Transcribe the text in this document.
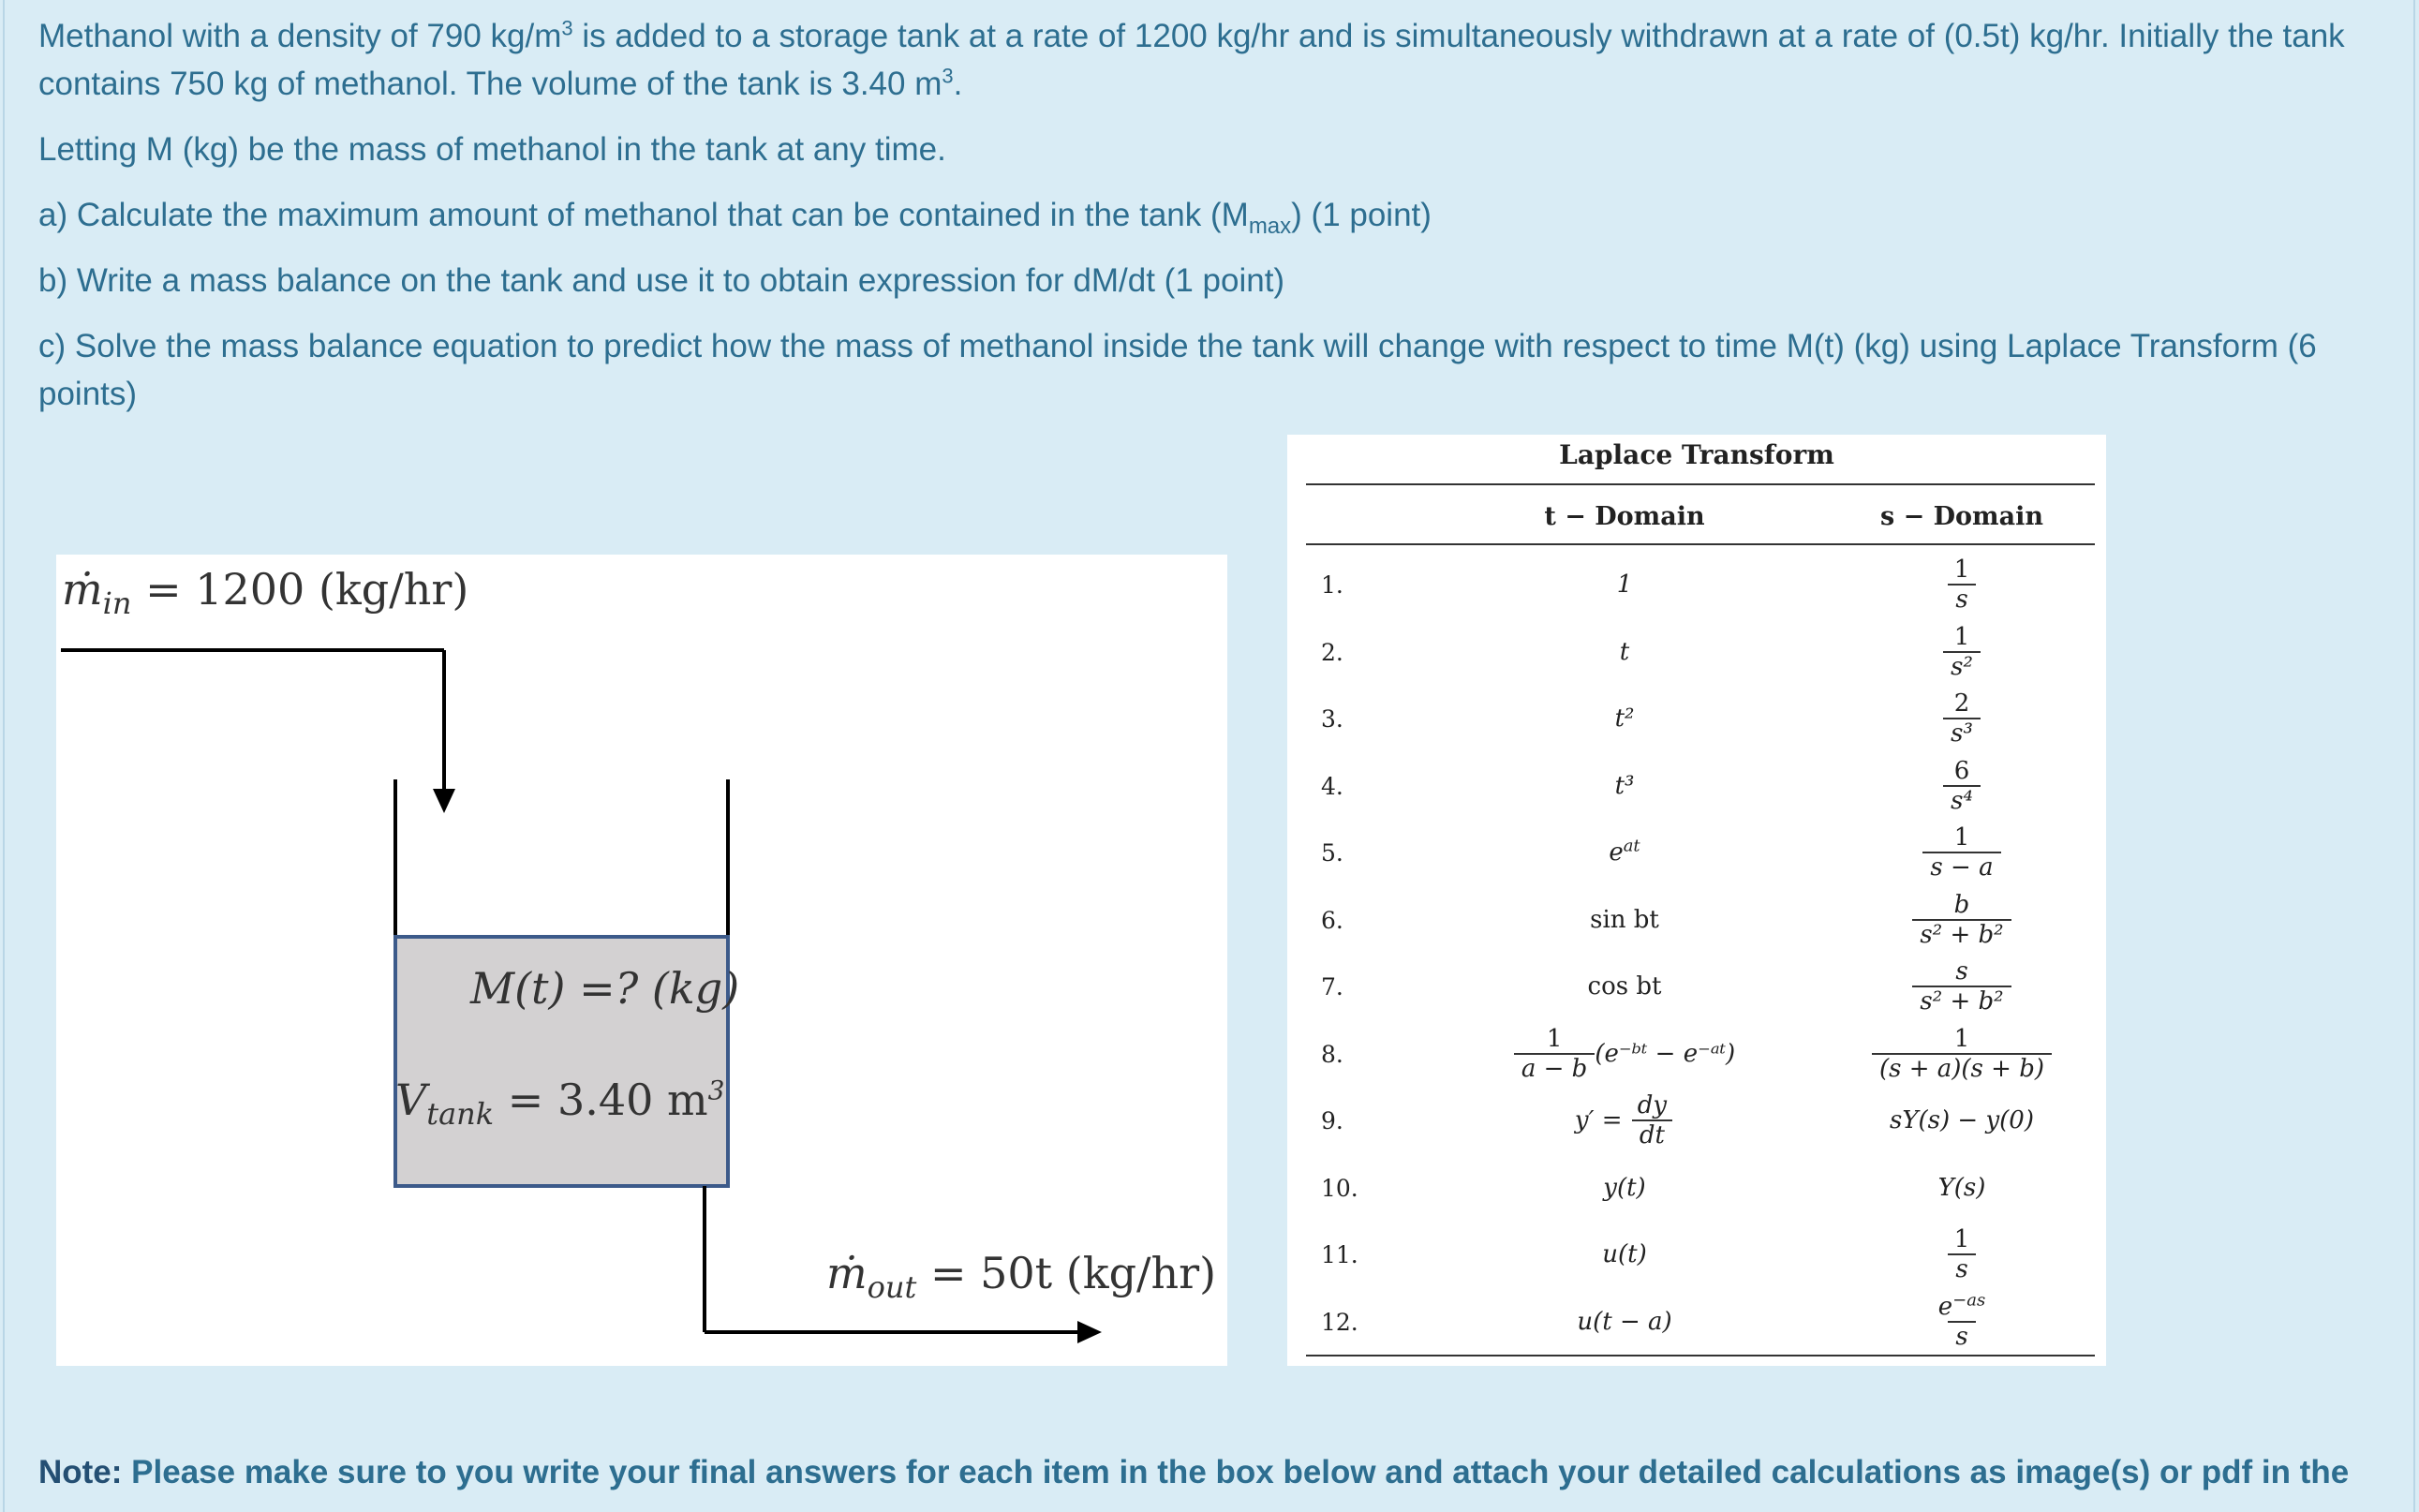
Methanol with a density of 790 $kg/m^3$ is added to a storage tank at a rate of 1200 kg/hr and is simultaneously withdrawn at a rate of (0.5t) kg/hr. Initially the tank

contains 750 kg of methanol. The volume of the tank is 3.40 $m^3$.

Letting M (kg) be the mass of methanol in the tank at any time.

a) Calculate the maximum amount of methanol that can be contained in the tank $(M_{max})$ (1 point)

b) Write a mass balance on the tank and use it to obtain expression for dM/dt (1 point)

c) Solve the mass balance equation to predict how the mass of methanol inside the tank will change with respect to time M(t) (kg) using Laplace Transform (6

points)

ṁ$_{in}$ = 1200 (kg/hr)
M(t) =? (kg)
$V_{tank} = 3.40$ $m^3$
ṁ$_{out}$ = 50t (kg/hr)
Laplace Transform
t − Domain	s − Domain
1.	1	$\frac{1}{s}$
2.	t	$\frac{1}{\text{s²}}$
3.	t²	$\frac{2}{\text{s³}}$
4.	t³	$\frac{6}{\text{s⁴}}$
5.	$e^{at}$	$\frac{1}{s - a}$
6.	sin bt	$\frac{b}{\text{s² + b²}}$
7.	cos bt	$\frac{s}{\text{s² + b²}}$
8.	$\frac{1}{a - b}$ (e⁻ᵇᵗ − e⁻ᵃᵗ)	$\frac{1}{(s + a)(s + b)}$
9.	$y' = \frac{dy}{dt}$	sY(s) − y(0)
10.	y(t)	Y(s)
11.	u(t)	$\frac{1}{s}$
12.	u(t − a)	$\frac{e^{-as}}{s}$
Note: Please make sure to you write your final answers for each item in the box below and attach your detailed calculations as image(s) or pdf in the
